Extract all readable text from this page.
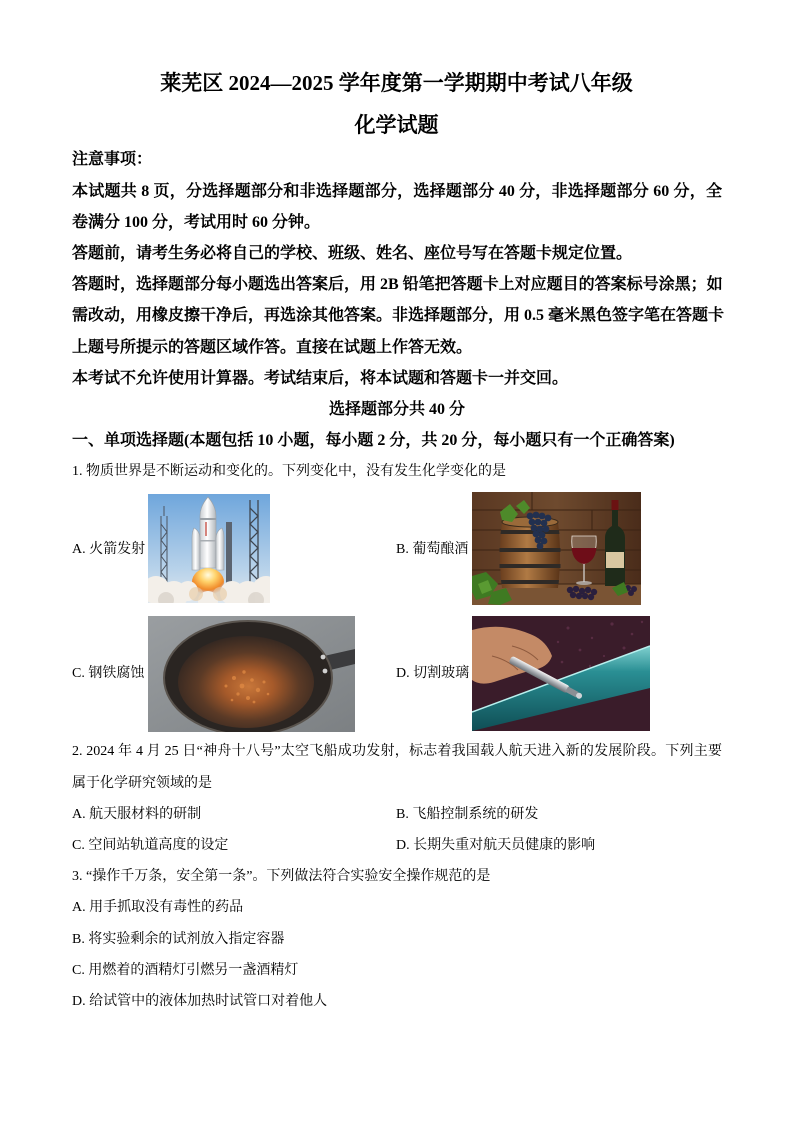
莱芜区 2024—2025 学年度第一学期期中考试八年级
化学试题
注意事项：
本试题共 8 页，分选择题部分和非选择题部分，选择题部分 40 分，非选择题部分 60 分，全
卷满分 100 分，考试用时 60 分钟。
答题前，请考生务必将自己的学校、班级、姓名、座位号写在答题卡规定位置。
答题时，选择题部分每小题选出答案后，用 2B 铅笔把答题卡上对应题目的答案标号涂黑；如
需改动，用橡皮擦干净后，再选涂其他答案。非选择题部分，用 0.5 毫米黑色签字笔在答题卡
上题号所提示的答题区域作答。直接在试题上作答无效。
本考试不允许使用计算器。考试结束后，将本试题和答题卡一并交回。
选择题部分共 40 分
一、单项选择题(本题包括 10 小题，每小题 2 分，共 20 分，每小题只有一个正确答案)
1. 物质世界是不断运动和变化的。下列变化中，没有发生化学变化的是
A. 火箭发射	B. 葡萄酿酒
C. 钢铁腐蚀	D. 切割玻璃
2. 2024 年 4 月 25 日“神舟十八号”太空飞船成功发射，标志着我国载人航天进入新的发展阶段。下列主要
属于化学研究领域的是
A. 航天服材料的研制	B. 飞船控制系统的研发
C. 空间站轨道高度的设定	D. 长期失重对航天员健康的影响
3. “操作千万条，安全第一条”。下列做法符合实验安全操作规范的是
A. 用手抓取没有毒性的药品
B. 将实验剩余的试剂放入指定容器
C. 用燃着的酒精灯引燃另一盏酒精灯
D. 给试管中的液体加热时试管口对着他人
